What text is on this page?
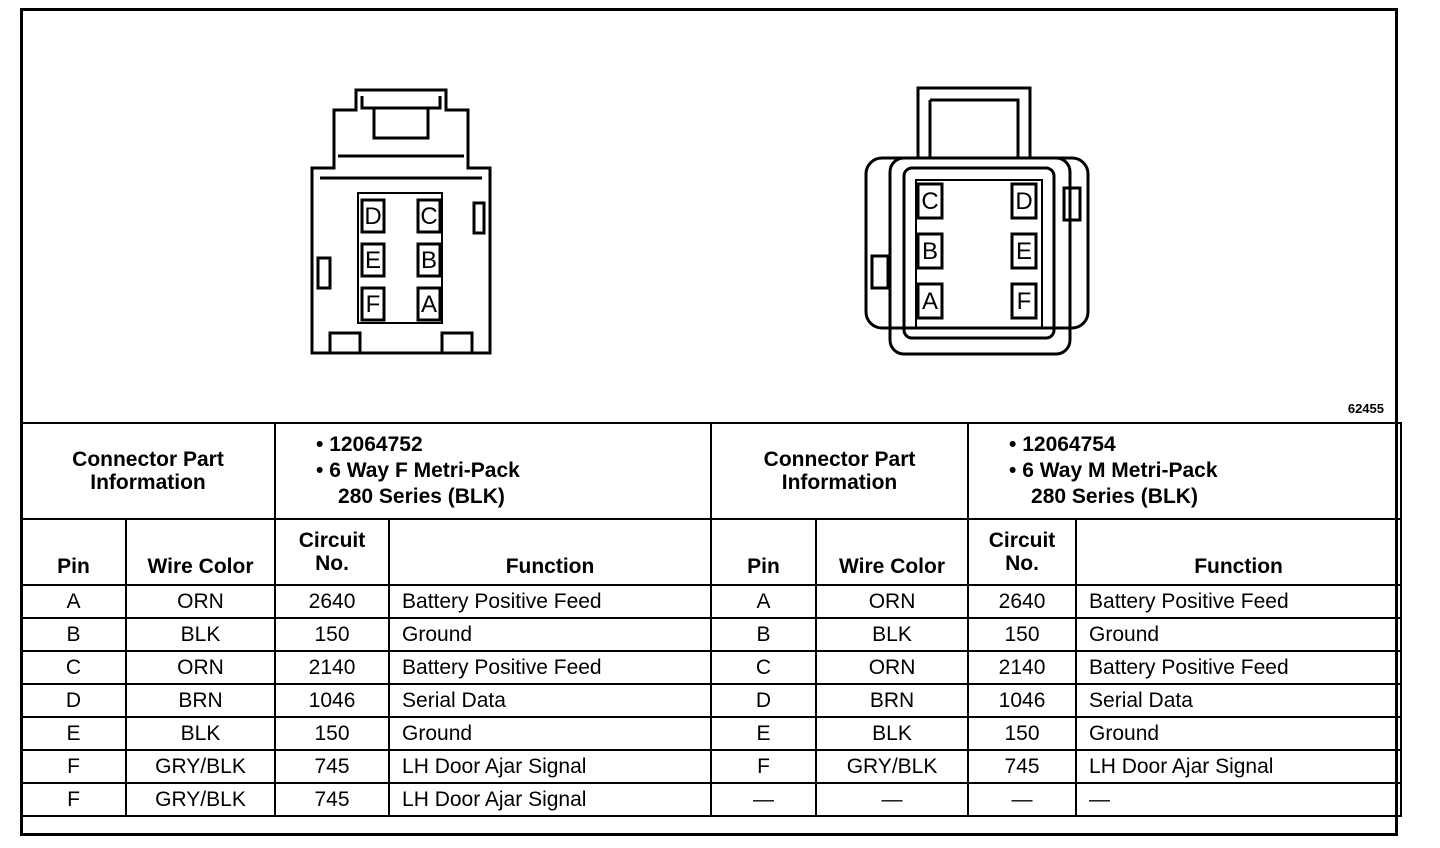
D C
E B
F A
C	D
B	E
A	F
62455
Connector Part Information		• 12064752
• 6 Way F Metri-Pack
280 Series (BLK)		Connector Part Information		• 12064754
• 6 Way M Metri-Pack
280 Series (BLK)	

Pin	Wire Color	Circuit No.	Function	Pin	Wire Color	Circuit No.	Function
A	ORN	2640	Battery Positive Feed	A	ORN	2640	Battery Positive Feed
B	BLK	150	Ground	B	BLK	150	Ground
C	ORN	2140	Battery Positive Feed	C	ORN	2140	Battery Positive Feed
D	BRN	1046	Serial Data	D	BRN	1046	Serial Data
E	BLK	150	Ground	E	BLK	150	Ground
F	GRY/BLK	745	LH Door Ajar Signal	F	GRY/BLK	745	LH Door Ajar Signal
F	GRY/BLK	745	LH Door Ajar Signal	—	—	—	—
